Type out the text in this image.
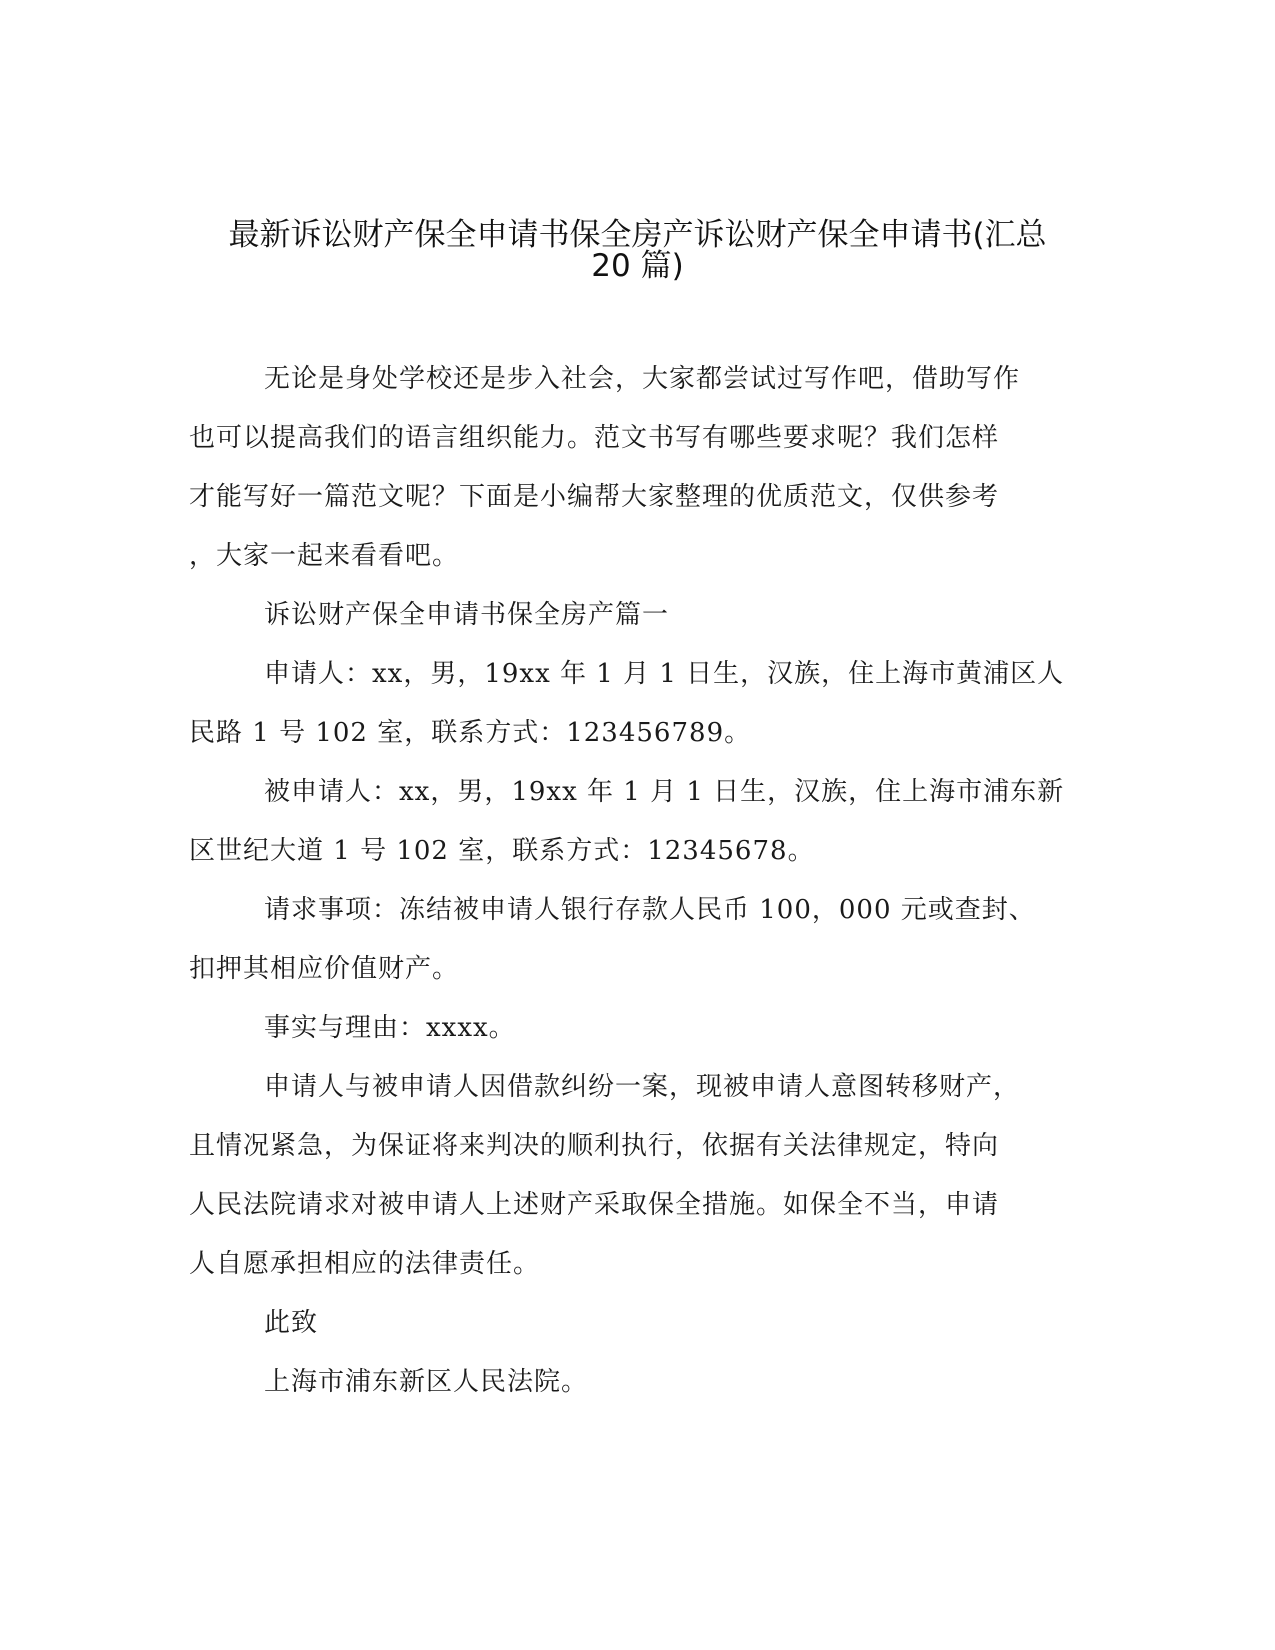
最新诉讼财产保全申请书保全房产诉讼财产保全申请书(汇总
20 篇)
无论是身处学校还是步入社会，大家都尝试过写作吧，借助写作
也可以提高我们的语言组织能力。范文书写有哪些要求呢？我们怎样
才能写好一篇范文呢？下面是小编帮大家整理的优质范文，仅供参考
，大家一起来看看吧。
诉讼财产保全申请书保全房产篇一
申请人：xx，男，19xx 年 1 月 1 日生，汉族，住上海市黄浦区人
民路 1 号 102 室，联系方式：123456789。
被申请人：xx，男，19xx 年 1 月 1 日生，汉族，住上海市浦东新
区世纪大道 1 号 102 室，联系方式：12345678。
请求事项：冻结被申请人银行存款人民币 100，000 元或查封、
扣押其相应价值财产。
事实与理由：xxxx。
申请人与被申请人因借款纠纷一案，现被申请人意图转移财产，
且情况紧急，为保证将来判决的顺利执行，依据有关法律规定，特向
人民法院请求对被申请人上述财产采取保全措施。如保全不当，申请
人自愿承担相应的法律责任。
此致
上海市浦东新区人民法院。
